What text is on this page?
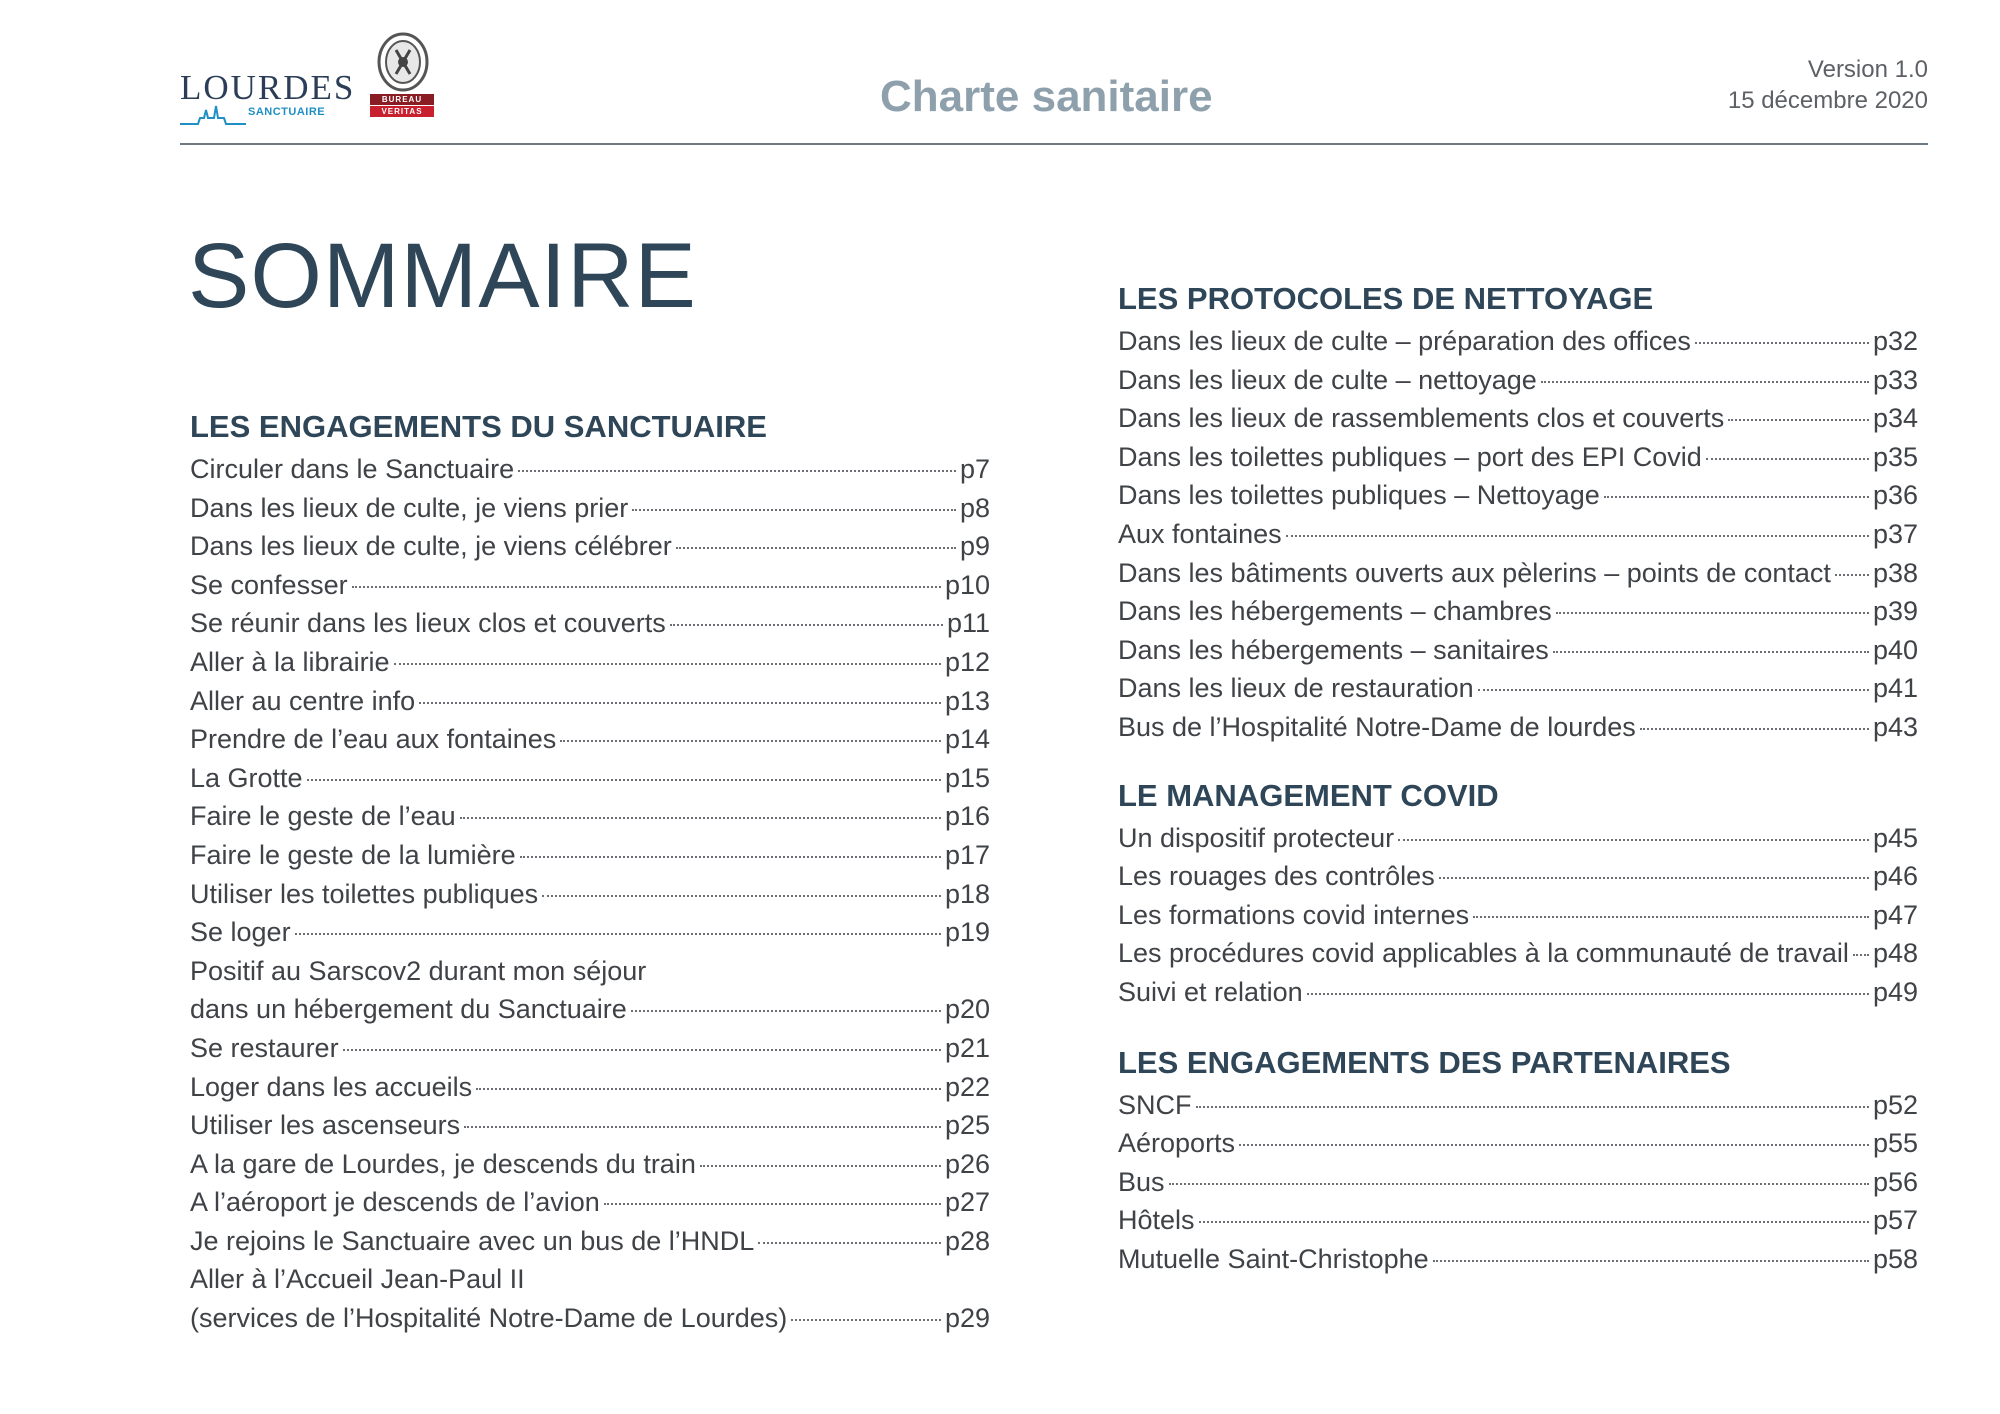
LOURDES
SANCTUAIRE
BUREAU
VERITAS	Charte sanitaire
Version 1.0
15 décembre 2020
SOMMAIRE
LES ENGAGEMENTS DU SANCTUAIRE
Circuler dans le Sanctuaire	p7
Dans les lieux de culte, je viens prier	p8
Dans les lieux de culte, je viens célébrer	p9
Se confesser	p10
Se réunir dans les lieux clos et couverts	p11
Aller à la librairie	p12
Aller au centre info	p13
Prendre de l’eau aux fontaines	p14
La Grotte	p15
Faire le geste de l’eau	p16
Faire le geste de la lumière	p17
Utiliser les toilettes publiques	p18
Se loger	p19
Positif au Sarscov2 durant mon séjour
dans un hébergement du Sanctuaire	p20
Se restaurer	p21
Loger dans les accueils	p22
Utiliser les ascenseurs	p25
A la gare de Lourdes, je descends du train	p26
A l’aéroport je descends de l’avion	p27
Je rejoins le Sanctuaire avec un bus de l’HNDL	p28
Aller à l’Accueil Jean-Paul II
(services de l’Hospitalité Notre-Dame de Lourdes)	p29
LES PROTOCOLES DE NETTOYAGE
Dans les lieux de culte – préparation des offices	p32
Dans les lieux de culte – nettoyage	p33
Dans les lieux de rassemblements clos et couverts	p34
Dans les toilettes publiques – port des EPI Covid	p35
Dans les toilettes publiques – Nettoyage	p36
Aux fontaines	p37
Dans les bâtiments ouverts aux pèlerins – points de contact p38
Dans les hébergements – chambres	p39
Dans les hébergements – sanitaires	p40
Dans les lieux de restauration	p41
Bus de l’Hospitalité Notre-Dame de lourdes	p43
LE MANAGEMENT COVID
Un dispositif protecteur	p45
Les rouages des contrôles	p46
Les formations covid internes	p47
Les procédures covid applicables à la communauté de travail p48
Suivi et relation	p49
LES ENGAGEMENTS DES PARTENAIRES
SNCF	p52
Aéroports	p55
Bus	p56
Hôtels	p57
Mutuelle Saint-Christophe	p58
